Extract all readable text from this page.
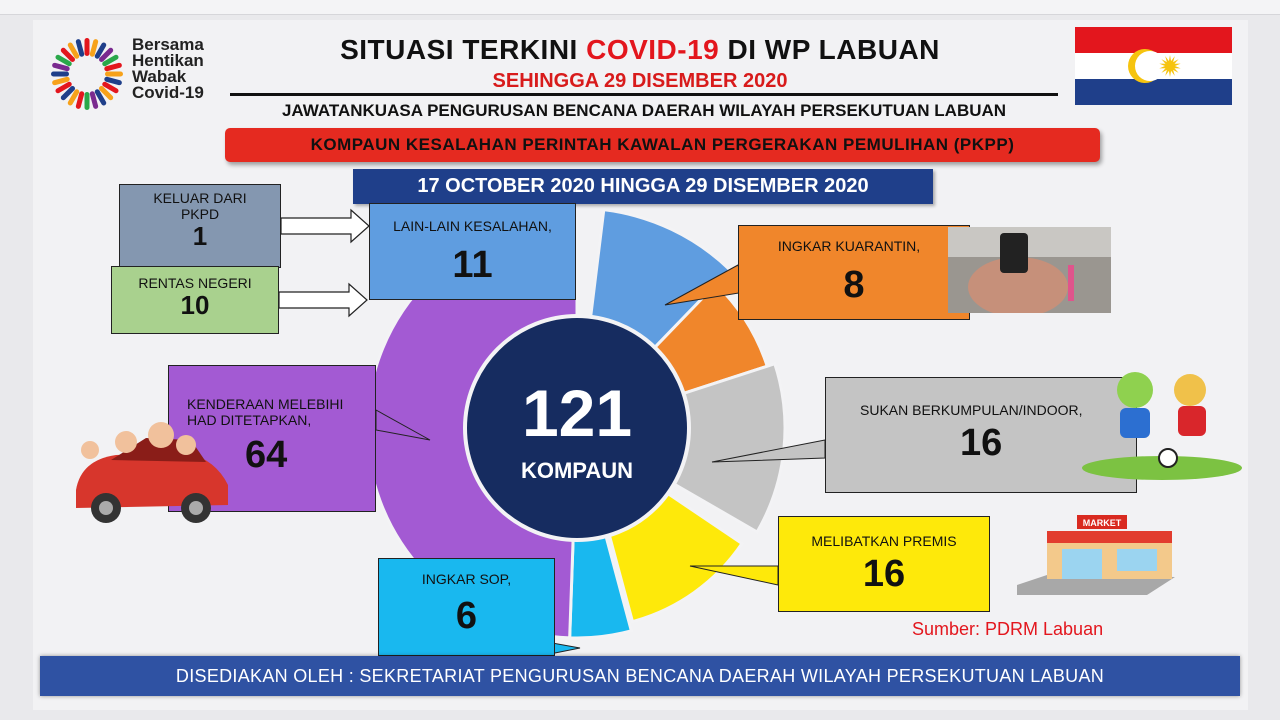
Bersama
Hentikan
Wabak
Covid-19
SITUASI TERKINI COVID-19 DI WP LABUAN
SEHINGGA 29 DISEMBER 2020
JAWATANKUASA PENGURUSAN BENCANA DAERAH WILAYAH PERSEKUTUAN LABUAN
KOMPAUN KESALAHAN PERINTAH KAWALAN PERGERAKAN PEMULIHAN (PKPP)
17 OCTOBER 2020 HINGGA 29 DISEMBER 2020
121
KOMPAUN
KELUAR DARI
PKPD
1
RENTAS NEGERI
10
LAIN-LAIN KESALAHAN,
11	INGKAR KUARANTIN,
8
KENDERAAN MELEBIHI
HAD DITETAPKAN,
64
SUKAN BERKUMPULAN/INDOOR,
16
MELIBATKAN PREMIS
16
INGKAR SOP,
6
MARKET
Sumber: PDRM Labuan
DISEDIAKAN OLEH : SEKRETARIAT PENGURUSAN BENCANA DAERAH WILAYAH PERSEKUTUAN LABUAN
